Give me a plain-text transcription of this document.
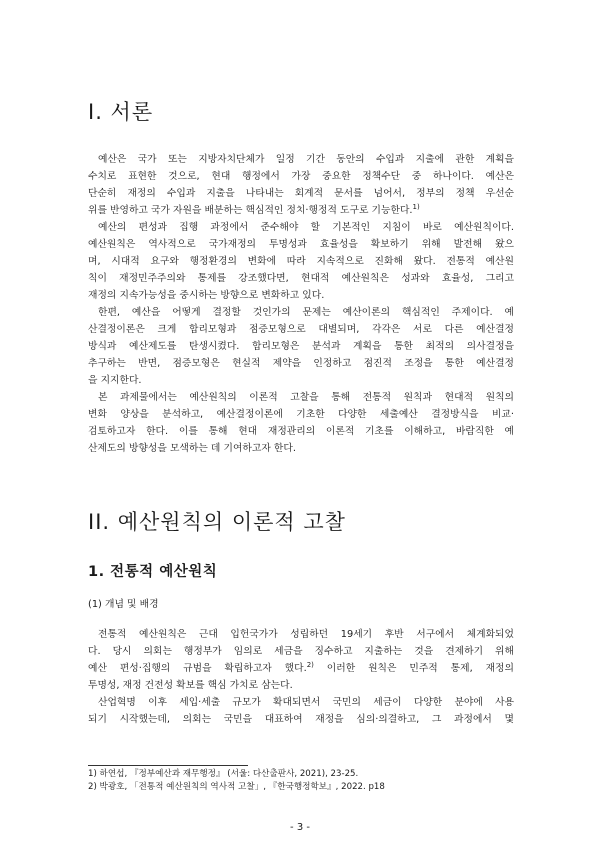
I. 서론
예산은 국가 또는 지방자치단체가 일정 기간 동안의 수입과 지출에 관한 계획을
수치로 표현한 것으로, 현대 행정에서 가장 중요한 정책수단 중 하나이다. 예산은
단순히 재정의 수입과 지출을 나타내는 회계적 문서를 넘어서, 정부의 정책 우선순
위를 반영하고 국가 자원을 배분하는 핵심적인 정치·행정적 도구로 기능한다.$^{1)}$
예산의 편성과 집행 과정에서 준수해야 할 기본적인 지침이 바로 예산원칙이다.
예산원칙은 역사적으로 국가재정의 투명성과 효율성을 확보하기 위해 발전해 왔으
며, 시대적 요구와 행정환경의 변화에 따라 지속적으로 진화해 왔다. 전통적 예산원
칙이 재정민주주의와 통제를 강조했다면, 현대적 예산원칙은 성과와 효율성, 그리고
재정의 지속가능성을 중시하는 방향으로 변화하고 있다.
한편, 예산을 어떻게 결정할 것인가의 문제는 예산이론의 핵심적인 주제이다. 예
산결정이론은 크게 합리모형과 점증모형으로 대별되며, 각각은 서로 다른 예산결정
방식과 예산제도를 탄생시켰다. 합리모형은 분석과 계획을 통한 최적의 의사결정을
추구하는 반면, 점증모형은 현실적 제약을 인정하고 점진적 조정을 통한 예산결정
을 지지한다.
본 과제물에서는 예산원칙의 이론적 고찰을 통해 전통적 원칙과 현대적 원칙의
변화 양상을 분석하고, 예산결정이론에 기초한 다양한 세출예산 결정방식을 비교·
검토하고자 한다. 이를 통해 현대 재정관리의 이론적 기초를 이해하고, 바람직한 예
산제도의 방향성을 모색하는 데 기여하고자 한다.
II. 예산원칙의 이론적 고찰
1. 전통적 예산원칙
(1) 개념 및 배경
전통적 예산원칙은 근대 입헌국가가 성립하던 19세기 후반 서구에서 체계화되었
다. 당시 의회는 행정부가 임의로 세금을 징수하고 지출하는 것을 견제하기 위해
예산 편성·집행의 규범을 확립하고자 했다.$^{2)}$ 이러한 원칙은 민주적 통제, 재정의
투명성, 재정 건전성 확보를 핵심 가치로 삼는다.
산업혁명 이후 세입·세출 규모가 확대되면서 국민의 세금이 다양한 분야에 사용
되기 시작했는데, 의회는 국민을 대표하여 재정을 심의·의결하고, 그 과정에서 몇
1) 하연섭, 『정부예산과 재무행정』 (서울: 다산출판사, 2021), 23-25.
2) 박광호, 「전통적 예산원칙의 역사적 고찰」, 『한국행정학보』, 2022. p18
- 3 -
